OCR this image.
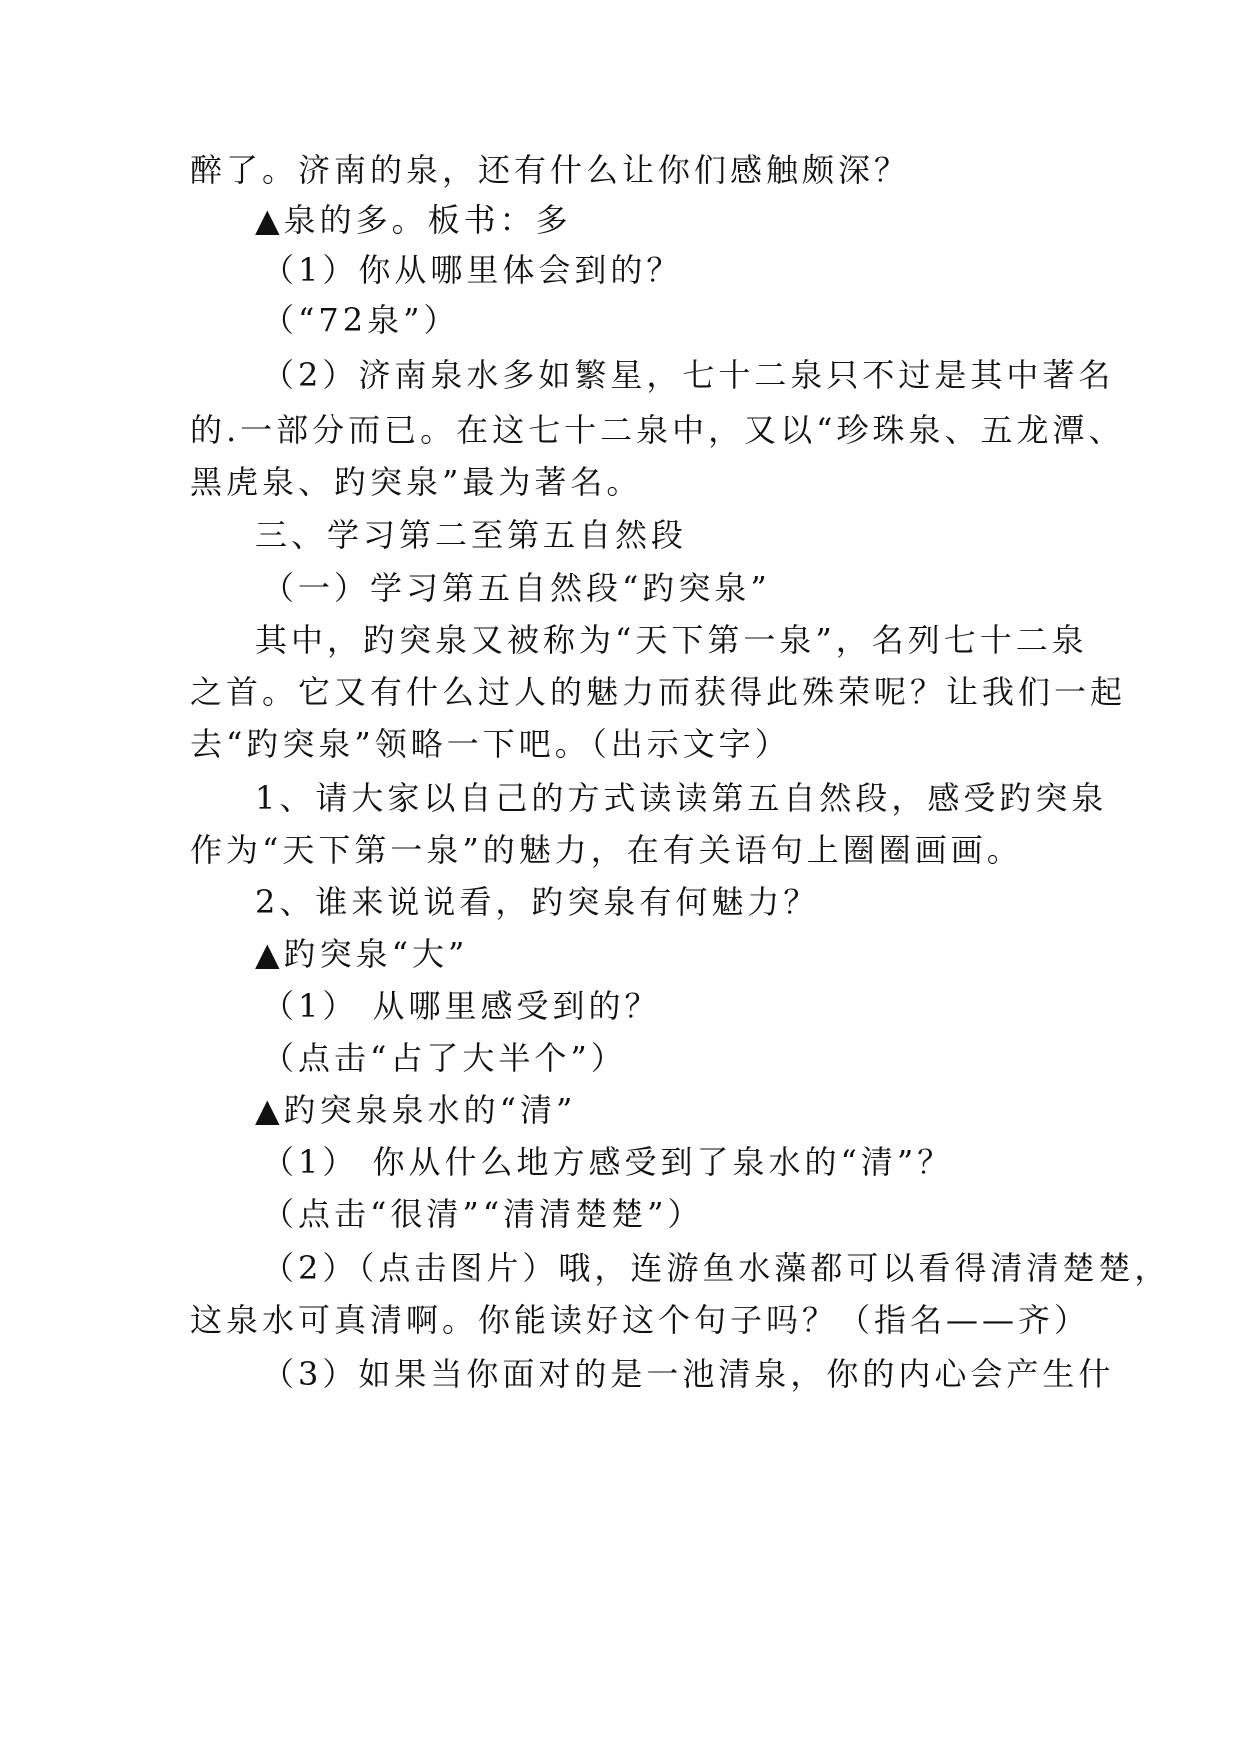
醉了。济南的泉，还有什么让你们感触颇深？
▲泉的多。板书：多
（1）你从哪里体会到的？
（“72泉”）
（2）济南泉水多如繁星，七十二泉只不过是其中著名
的.一部分而已。在这七十二泉中，又以“珍珠泉、五龙潭、
黑虎泉、趵突泉”最为著名。
三、学习第二至第五自然段
（一）学习第五自然段“趵突泉”
其中，趵突泉又被称为“天下第一泉”，名列七十二泉
之首。它又有什么过人的魅力而获得此殊荣呢？让我们一起
去“趵突泉”领略一下吧。（出示文字）
1、请大家以自己的方式读读第五自然段，感受趵突泉
作为“天下第一泉”的魅力，在有关语句上圈圈画画。
2、谁来说说看，趵突泉有何魅力？
▲趵突泉“大”
（1） 从哪里感受到的？
（点击“占了大半个”）
▲趵突泉泉水的“清”
（1） 你从什么地方感受到了泉水的“清”？
（点击“很清”“清清楚楚”）
（2）（点击图片）哦，连游鱼水藻都可以看得清清楚楚，
这泉水可真清啊。你能读好这个句子吗？（指名——齐）
（3）如果当你面对的是一池清泉，你的内心会产生什
